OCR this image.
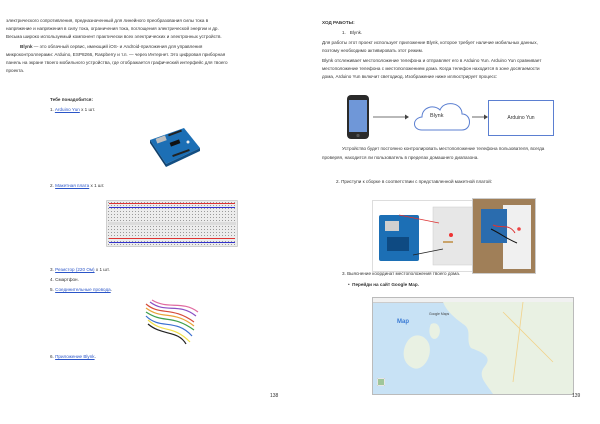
электрического сопротивления, предназначенный для линейного преобразования силы тока в

напряжение и напряжения в силу тока, ограничения тока, поглощения электрической энергии и др.

Весьма широко используемый компонент практически всех электрических и электронных устройств.

Blynk — это облачный сервис, имеющий iOS- и Android-приложения для управления

микроконтроллерами: Arduino, ESP8266, Raspberry и т.п. — через Интернет. Это цифровая приборная

панель на экране твоего мобильного устройства, где отображается графический интерфейс для твоего

проекта.

Тебе понадобится:

1. Arduino Yun x 1 шт.

2. Макетная плата x 1 шт.

3. Резистор (220 Ом) x 1 шт.

4. Смартфон.

5. Соединительные провода.

6. Приложение Blynk.

138

ХОД РАБОТЫ:

1. Blynk.

Для работы этот проект использует приложение Blynk, которое требует наличие мобильных данных,

поэтому необходимо активировать этот режим.

Blynk отслеживает местоположение телефона и отправляет его в Arduino Yun. Arduino Yun сравнивает

местоположение телефона с местоположением дома. Когда телефон находится в зоне досягаемости

дома, Arduino Yun включит светодиод. Изображение ниже иллюстрирует процесс:

Blynk	Arduino Yun

Устройство будет постоянно контролировать местоположение телефона пользователя, всегда

проверяя, находится ли пользователь в пределах домашнего диапазона.

2. Приступи к сборке в соответствии с представленной макетной платой:

3. Выяснение координат местоположения твоего дома.

• Перейди на сайт Google Map.

Map
Google Maps
139
